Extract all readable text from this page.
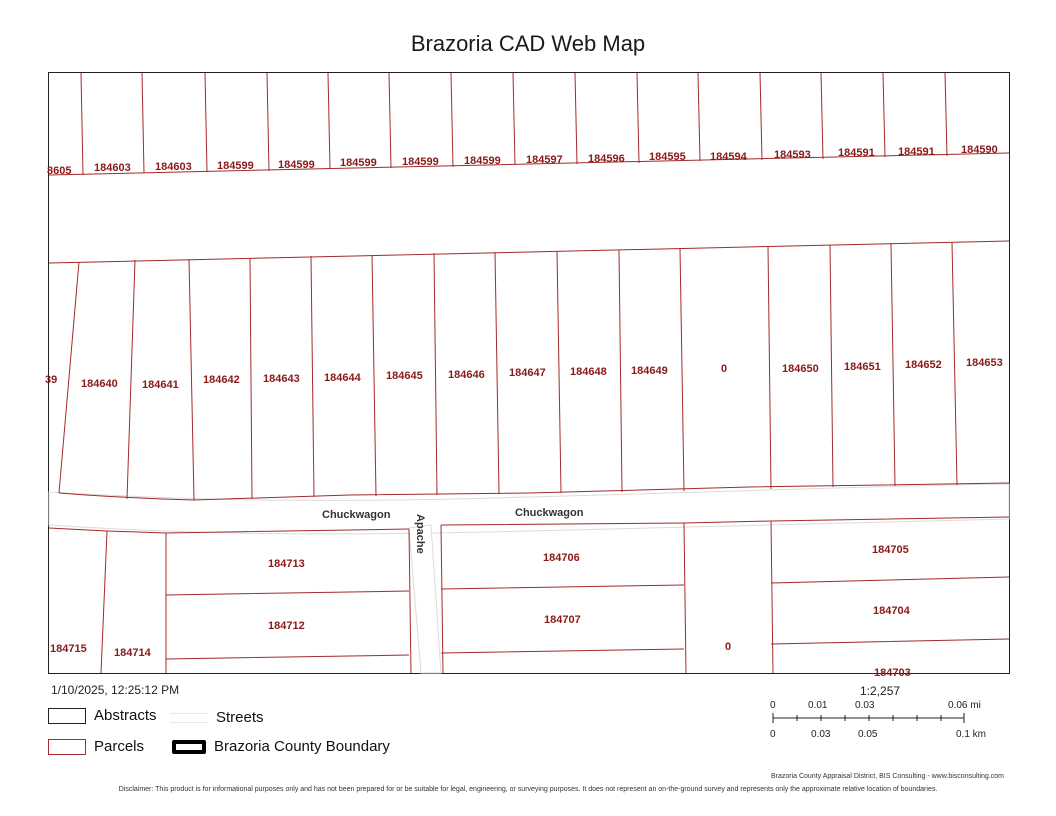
Brazoria CAD Web Map
8605 184603 184603 184599 184599 184599 184599 184599 184597 184596 184595 184594 184593 184591 184591 184590
39 184640 184641 184642 184643 184644 184645 184646 184647 184648 184649	0	184650 184651 184652 184653
184713
184712
184715 184714
184706
184707
0
184705
184704
184703
Chuckwagon	Chuckwagon
Apache
1/10/2025, 12:25:12 PM
Abstracts	Streets
Parcels	Brazoria County Boundary
1:2,257
0	0.01	0.03	0.06 mi
0	0.03	0.05	0.1 km
Brazoria County Appraisal District, BIS Consulting - www.bisconsulting.com
Disclaimer: This product is for informational purposes only and has not been prepared for or be suitable for legal, engineering, or surveying purposes. It does not represent an on-the-ground survey and represents only the approximate relative location of boundaries.
